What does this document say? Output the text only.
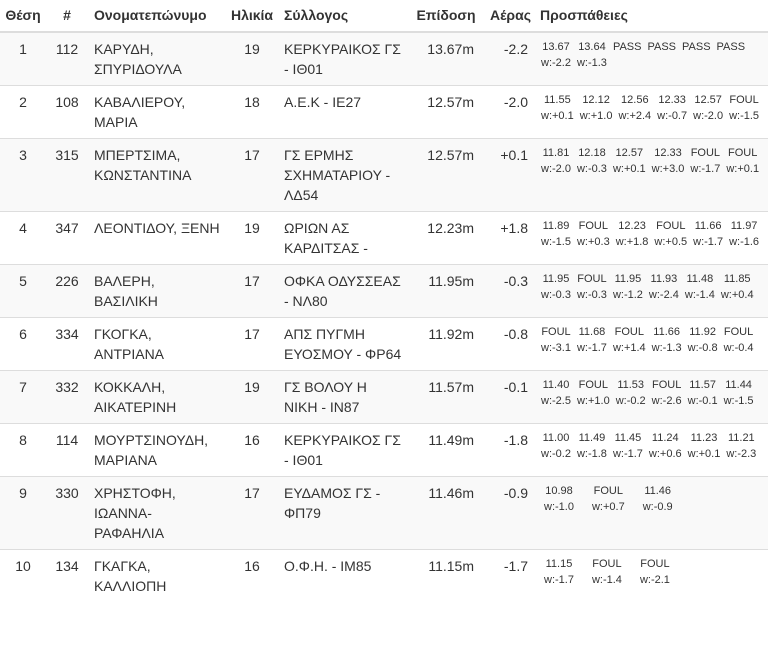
Θέση	#	Ονοματεπώνυμο	Ηλικία	Σύλλογος	Επίδοση	Αέρας	Προσπάθειες
1	112	ΚΑΡΥΔΗ, ΣΠΥΡΙΔΟΥΛΑ	19	ΚΕΡΚΥΡΑΙΚΟΣ ΓΣ - ΙΘ01	13.67m	-2.2	13.67	13.64	PASS	PASS	PASS	PASS
w:-2.2	w:-1.3				

2	108	ΚΑΒΑΛΙΕΡΟΥ, ΜΑΡΙΑ	18	Α.Ε.Κ - ΙΕ27	12.57m	-2.0	11.55	12.12	12.56	12.33	12.57	FOUL
w:+0.1	w:+1.0	w:+2.4	w:-0.7	w:-2.0	w:-1.5

3	315	ΜΠΕΡΤΣΙΜΑ, ΚΩΝΣΤΑΝΤΙΝΑ	17	ΓΣ ΕΡΜΗΣ ΣΧΗΜΑΤΑΡΙΟΥ - ΛΔ54	12.57m	+0.1	11.81	12.18	12.57	12.33	FOUL	FOUL
w:-2.0	w:-0.3	w:+0.1	w:+3.0	w:-1.7	w:+0.1

4	347	ΛΕΟΝΤΙΔΟΥ, ΞΕΝΗ	19	ΩΡΙΩΝ ΑΣ ΚΑΡΔΙΤΣΑΣ -	12.23m	+1.8	11.89	FOUL	12.23	FOUL	11.66	11.97
w:-1.5	w:+0.3	w:+1.8	w:+0.5	w:-1.7	w:-1.6

5	226	ΒΑΛΕΡΗ, ΒΑΣΙΛΙΚΗ	17	ΟΦΚΑ ΟΔΥΣΣΕΑΣ - ΝΛ80	11.95m	-0.3	11.95	FOUL	11.95	11.93	11.48	11.85
w:-0.3	w:-0.3	w:-1.2	w:-2.4	w:-1.4	w:+0.4

6	334	ΓΚΟΓΚΑ, ΑΝΤΡΙΑΝΑ	17	ΑΠΣ ΠΥΓΜΗ ΕΥΟΣΜΟΥ - ΦΡ64	11.92m	-0.8	FOUL	11.68	FOUL	11.66	11.92	FOUL
w:-3.1	w:-1.7	w:+1.4	w:-1.3	w:-0.8	w:-0.4

7	332	ΚΟΚΚΑΛΗ, ΑΙΚΑΤΕΡΙΝΗ	19	ΓΣ ΒΟΛΟΥ Η ΝΙΚΗ - ΙΝ87	11.57m	-0.1	11.40	FOUL	11.53	FOUL	11.57	11.44
w:-2.5	w:+1.0	w:-0.2	w:-2.6	w:-0.1	w:-1.5

8	114	ΜΟΥΡΤΣΙΝΟΥΔΗ, ΜΑΡΙΑΝΑ	16	ΚΕΡΚΥΡΑΙΚΟΣ ΓΣ - ΙΘ01	11.49m	-1.8	11.00	11.49	11.45	11.24	11.23	11.21
w:-0.2	w:-1.8	w:-1.7	w:+0.6	w:+0.1	w:-2.3

9	330	ΧΡΗΣΤΟΦΗ, ΙΩΑΝΝΑ-ΡΑΦΑΗΛΙΑ	17	ΕΥΔΑΜΟΣ ΓΣ - ΦΠ79	11.46m	-0.9	10.98	FOUL	11.46
w:-1.0	w:+0.7	w:-0.9

10	134	ΓΚΑΓΚΑ, ΚΑΛΛΙΟΠΗ	16	Ο.Φ.Η. - ΙΜ85	11.15m	-1.7	11.15	FOUL	FOUL
w:-1.7	w:-1.4	w:-2.1
